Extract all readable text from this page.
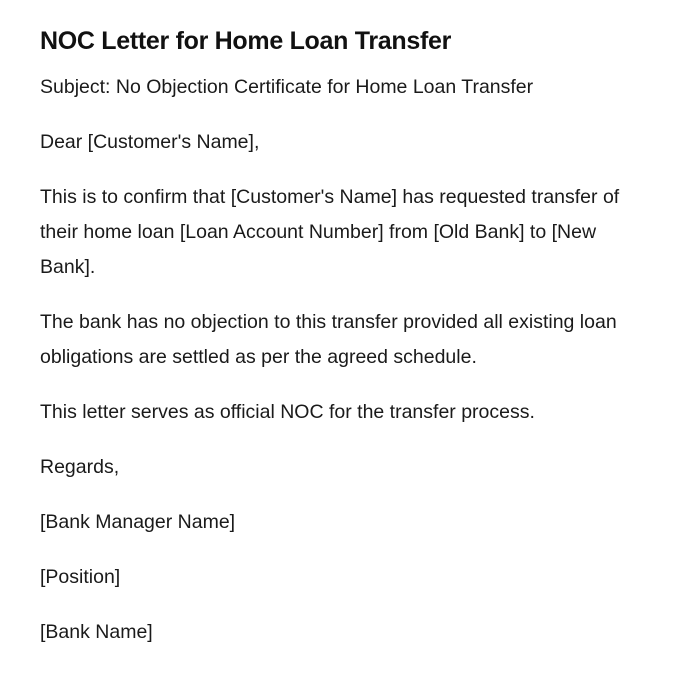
NOC Letter for Home Loan Transfer

Subject: No Objection Certificate for Home Loan Transfer

Dear [Customer's Name],

This is to confirm that [Customer's Name] has requested transfer of their home loan [Loan Account Number] from [Old Bank] to [New Bank].

The bank has no objection to this transfer provided all existing loan obligations are settled as per the agreed schedule.

This letter serves as official NOC for the transfer process.

Regards,

[Bank Manager Name]

[Position]

[Bank Name]
